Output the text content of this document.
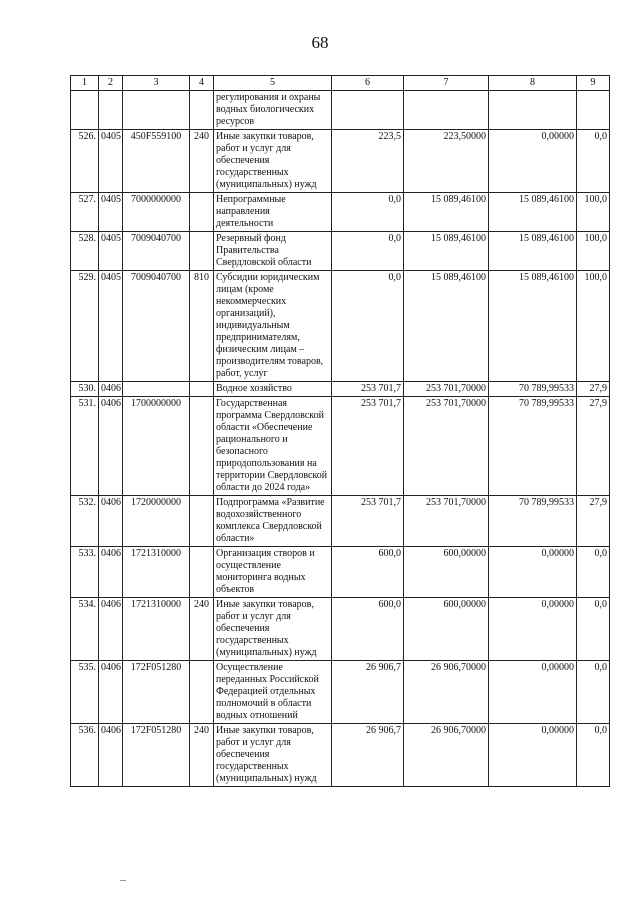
68
1	2	3	4	5	6	7	8	9
				регулирования и охраны водных биологических ресурсов				
526.	0405	450F559100	240	Иные закупки товаров, работ и услуг для обеспечения государственных (муниципальных) нужд	223,5	223,50000	0,00000	0,0
527.	0405	7000000000		Непрограммные направления деятельности	0,0	15 089,46100	15 089,46100	100,0
528.	0405	7009040700		Резервный фонд Правительства Свердловской области	0,0	15 089,46100	15 089,46100	100,0
529.	0405	7009040700	810	Субсидии юридическим лицам (кроме некоммерческих организаций), индивидуальным предпринимателям, физическим лицам – производителям товаров, работ, услуг	0,0	15 089,46100	15 089,46100	100,0
530.	0406			Водное хозяйство	253 701,7	253 701,70000	70 789,99533	27,9
531.	0406	1700000000		Государственная программа Свердловской области «Обеспечение рационального и безопасного природопользования на территории Свердловской области до 2024 года»	253 701,7	253 701,70000	70 789,99533	27,9
532.	0406	1720000000		Подпрограмма «Развитие водохозяйственного комплекса Свердловской области»	253 701,7	253 701,70000	70 789,99533	27,9
533.	0406	1721310000		Организация створов и осуществление мониторинга водных объектов	600,0	600,00000	0,00000	0,0
534.	0406	1721310000	240	Иные закупки товаров, работ и услуг для обеспечения государственных (муниципальных) нужд	600,0	600,00000	0,00000	0,0
535.	0406	172F051280		Осуществление переданных Российской Федерацией отдельных полномочий в области водных отношений	26 906,7	26 906,70000	0,00000	0,0
536.	0406	172F051280	240	Иные закупки товаров, работ и услуг для обеспечения государственных (муниципальных) нужд	26 906,7	26 906,70000	0,00000	0,0
